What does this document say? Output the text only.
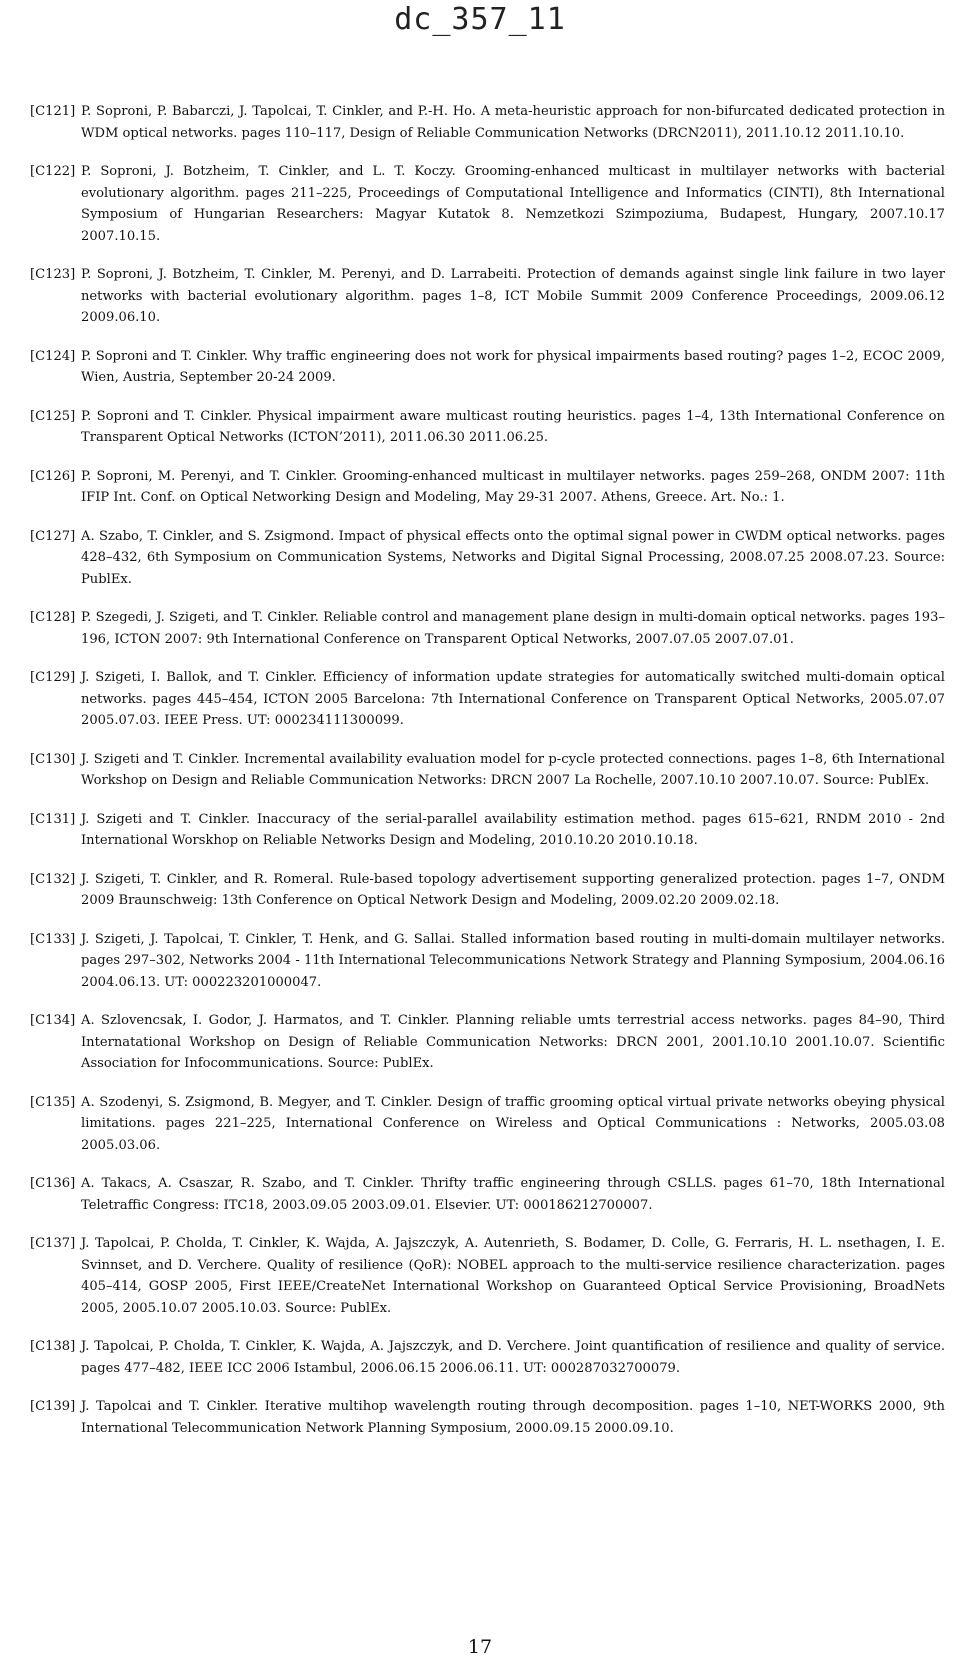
dc_357_11
[C121] P. Soproni, P. Babarczi, J. Tapolcai, T. Cinkler, and P.-H. Ho. A meta-heuristic approach for non-bifurcated dedicated protection in WDM optical networks. pages 110–117, Design of Reliable Communication Networks (DRCN2011), 2011.10.12 2011.10.10.
[C122] P. Soproni, J. Botzheim, T. Cinkler, and L. T. Koczy. Grooming-enhanced multicast in multilayer networks with bacterial evolutionary algorithm. pages 211–225, Proceedings of Computational Intelligence and Informatics (CINTI), 8th International Symposium of Hungarian Researchers: Magyar Kutatok 8. Nemzetkozi Szimpoziuma, Budapest, Hungary, 2007.10.17 2007.10.15.
[C123] P. Soproni, J. Botzheim, T. Cinkler, M. Perenyi, and D. Larrabeiti. Protection of demands against single link failure in two layer networks with bacterial evolutionary algorithm. pages 1–8, ICT Mobile Summit 2009 Conference Proceedings, 2009.06.12 2009.06.10.
[C124] P. Soproni and T. Cinkler. Why traffic engineering does not work for physical impairments based routing? pages 1–2, ECOC 2009, Wien, Austria, September 20-24 2009.
[C125] P. Soproni and T. Cinkler. Physical impairment aware multicast routing heuristics. pages 1–4, 13th International Conference on Transparent Optical Networks (ICTON’2011), 2011.06.30 2011.06.25.
[C126] P. Soproni, M. Perenyi, and T. Cinkler. Grooming-enhanced multicast in multilayer networks. pages 259–268, ONDM 2007: 11th IFIP Int. Conf. on Optical Networking Design and Modeling, May 29-31 2007. Athens, Greece. Art. No.: 1.
[C127] A. Szabo, T. Cinkler, and S. Zsigmond. Impact of physical effects onto the optimal signal power in CWDM optical networks. pages 428–432, 6th Symposium on Communication Systems, Networks and Digital Signal Processing, 2008.07.25 2008.07.23. Source: PublEx.
[C128] P. Szegedi, J. Szigeti, and T. Cinkler. Reliable control and management plane design in multi-domain optical networks. pages 193–196, ICTON 2007: 9th International Conference on Transparent Optical Networks, 2007.07.05 2007.07.01.
[C129] J. Szigeti, I. Ballok, and T. Cinkler. Efficiency of information update strategies for automatically switched multi-domain optical networks. pages 445–454, ICTON 2005 Barcelona: 7th International Conference on Transparent Optical Networks, 2005.07.07 2005.07.03. IEEE Press. UT: 000234111300099.
[C130] J. Szigeti and T. Cinkler. Incremental availability evaluation model for p-cycle protected connections. pages 1–8, 6th International Workshop on Design and Reliable Communication Networks: DRCN 2007 La Rochelle, 2007.10.10 2007.10.07. Source: PublEx.
[C131] J. Szigeti and T. Cinkler. Inaccuracy of the serial-parallel availability estimation method. pages 615–621, RNDM 2010 - 2nd International Worskhop on Reliable Networks Design and Modeling, 2010.10.20 2010.10.18.
[C132] J. Szigeti, T. Cinkler, and R. Romeral. Rule-based topology advertisement supporting generalized protection. pages 1–7, ONDM 2009 Braunschweig: 13th Conference on Optical Network Design and Modeling, 2009.02.20 2009.02.18.
[C133] J. Szigeti, J. Tapolcai, T. Cinkler, T. Henk, and G. Sallai. Stalled information based routing in multi-domain multilayer networks. pages 297–302, Networks 2004 - 11th International Telecommunications Network Strategy and Planning Symposium, 2004.06.16 2004.06.13. UT: 000223201000047.
[C134] A. Szlovencsak, I. Godor, J. Harmatos, and T. Cinkler. Planning reliable umts terrestrial access networks. pages 84–90, Third Internatational Workshop on Design of Reliable Communication Networks: DRCN 2001, 2001.10.10 2001.10.07. Scientific Association for Infocommunications. Source: PublEx.
[C135] A. Szodenyi, S. Zsigmond, B. Megyer, and T. Cinkler. Design of traffic grooming optical virtual private networks obeying physical limitations. pages 221–225, International Conference on Wireless and Optical Communications : Networks, 2005.03.08 2005.03.06.
[C136] A. Takacs, A. Csaszar, R. Szabo, and T. Cinkler. Thrifty traffic engineering through CSLLS. pages 61–70, 18th International Teletraffic Congress: ITC18, 2003.09.05 2003.09.01. Elsevier. UT: 000186212700007.
[C137] J. Tapolcai, P. Cholda, T. Cinkler, K. Wajda, A. Jajszczyk, A. Autenrieth, S. Bodamer, D. Colle, G. Ferraris, H. L. nsethagen, I. E. Svinnset, and D. Verchere. Quality of resilience (QoR): NOBEL approach to the multi-service resilience characterization. pages 405–414, GOSP 2005, First IEEE/CreateNet International Workshop on Guaranteed Optical Service Provisioning, BroadNets 2005, 2005.10.07 2005.10.03. Source: PublEx.
[C138] J. Tapolcai, P. Cholda, T. Cinkler, K. Wajda, A. Jajszczyk, and D. Verchere. Joint quantification of resilience and quality of service. pages 477–482, IEEE ICC 2006 Istambul, 2006.06.15 2006.06.11. UT: 000287032700079.
[C139] J. Tapolcai and T. Cinkler. Iterative multihop wavelength routing through decomposition. pages 1–10, NET-WORKS 2000, 9th International Telecommunication Network Planning Symposium, 2000.09.15 2000.09.10.
17
